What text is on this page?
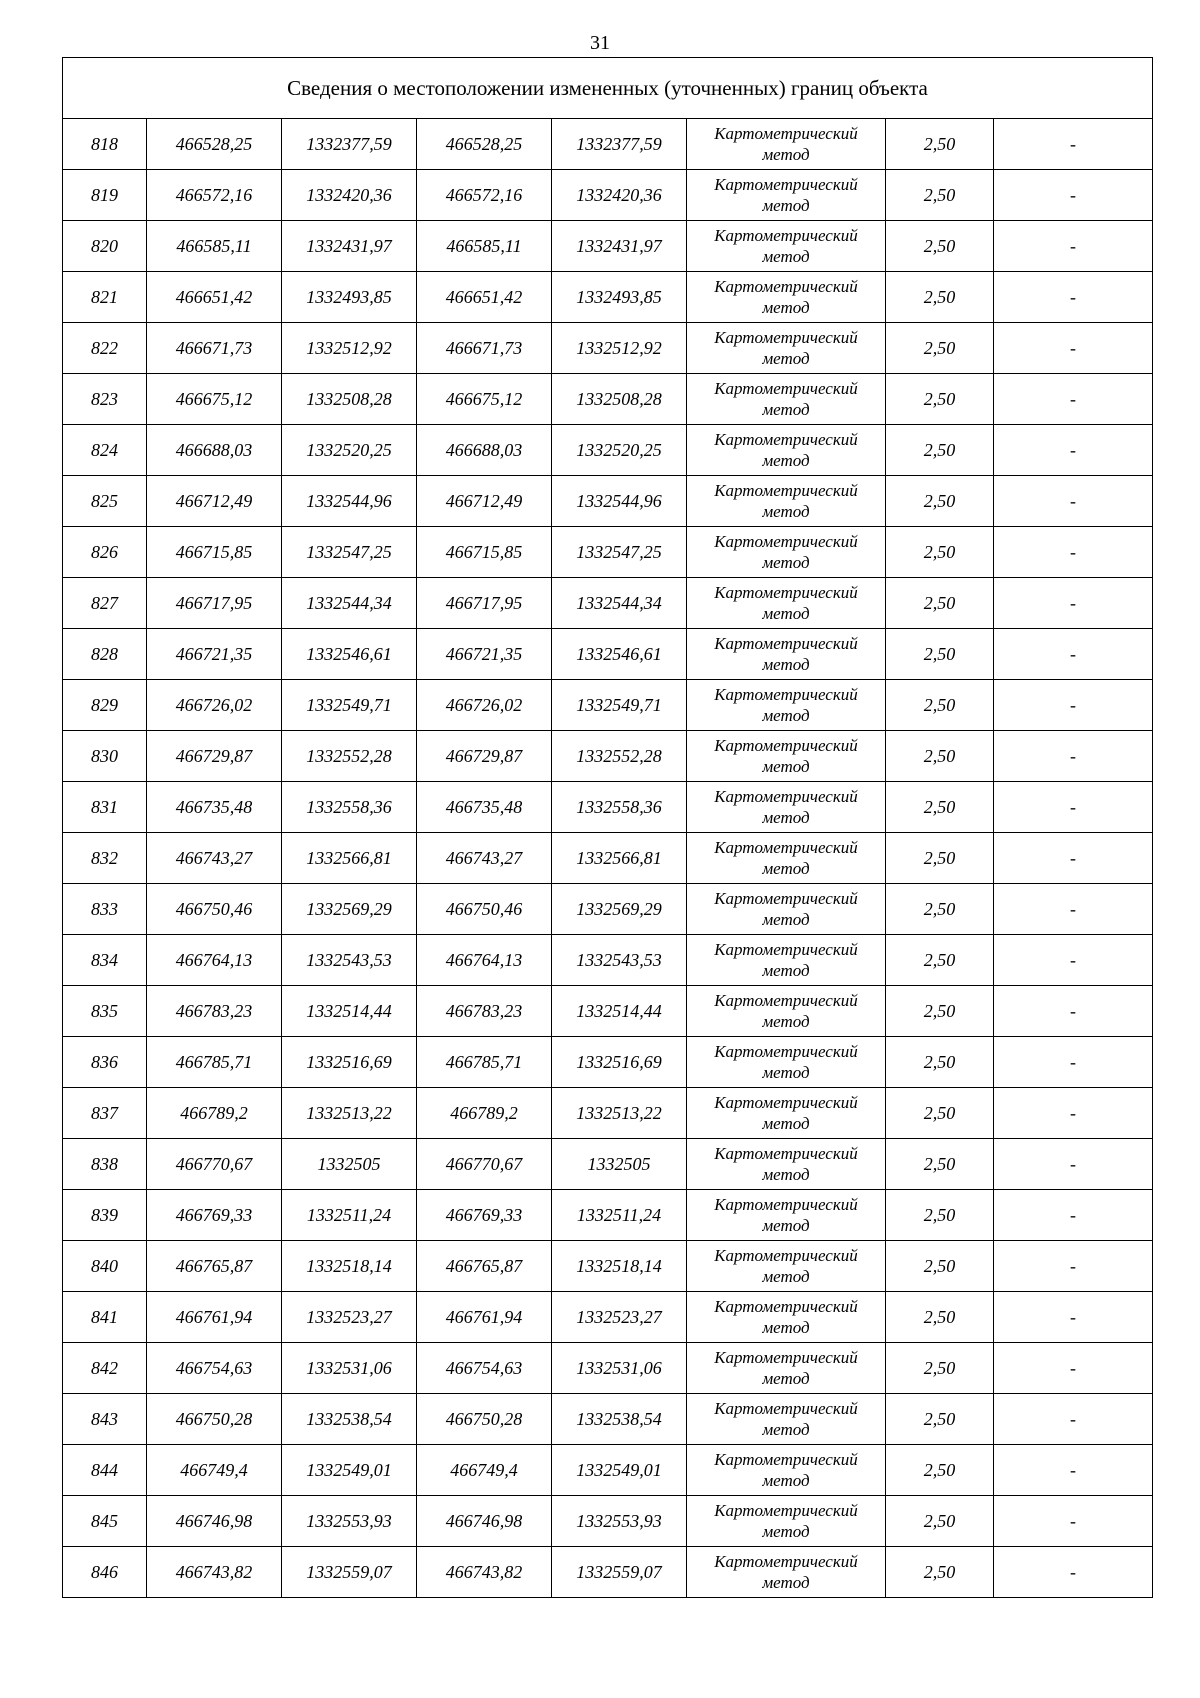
31
Сведения о местоположении измененных (уточненных) границ объекта							
818	466528,25	1332377,59	466528,25	1332377,59	Картометрический
метод	2,50	-
819	466572,16	1332420,36	466572,16	1332420,36	Картометрический
метод	2,50	-
820	466585,11	1332431,97	466585,11	1332431,97	Картометрический
метод	2,50	-
821	466651,42	1332493,85	466651,42	1332493,85	Картометрический
метод	2,50	-
822	466671,73	1332512,92	466671,73	1332512,92	Картометрический
метод	2,50	-
823	466675,12	1332508,28	466675,12	1332508,28	Картометрический
метод	2,50	-
824	466688,03	1332520,25	466688,03	1332520,25	Картометрический
метод	2,50	-
825	466712,49	1332544,96	466712,49	1332544,96	Картометрический
метод	2,50	-
826	466715,85	1332547,25	466715,85	1332547,25	Картометрический
метод	2,50	-
827	466717,95	1332544,34	466717,95	1332544,34	Картометрический
метод	2,50	-
828	466721,35	1332546,61	466721,35	1332546,61	Картометрический
метод	2,50	-
829	466726,02	1332549,71	466726,02	1332549,71	Картометрический
метод	2,50	-
830	466729,87	1332552,28	466729,87	1332552,28	Картометрический
метод	2,50	-
831	466735,48	1332558,36	466735,48	1332558,36	Картометрический
метод	2,50	-
832	466743,27	1332566,81	466743,27	1332566,81	Картометрический
метод	2,50	-
833	466750,46	1332569,29	466750,46	1332569,29	Картометрический
метод	2,50	-
834	466764,13	1332543,53	466764,13	1332543,53	Картометрический
метод	2,50	-
835	466783,23	1332514,44	466783,23	1332514,44	Картометрический
метод	2,50	-
836	466785,71	1332516,69	466785,71	1332516,69	Картометрический
метод	2,50	-
837	466789,2	1332513,22	466789,2	1332513,22	Картометрический
метод	2,50	-
838	466770,67	1332505	466770,67	1332505	Картометрический
метод	2,50	-
839	466769,33	1332511,24	466769,33	1332511,24	Картометрический
метод	2,50	-
840	466765,87	1332518,14	466765,87	1332518,14	Картометрический
метод	2,50	-
841	466761,94	1332523,27	466761,94	1332523,27	Картометрический
метод	2,50	-
842	466754,63	1332531,06	466754,63	1332531,06	Картометрический
метод	2,50	-
843	466750,28	1332538,54	466750,28	1332538,54	Картометрический
метод	2,50	-
844	466749,4	1332549,01	466749,4	1332549,01	Картометрический
метод	2,50	-
845	466746,98	1332553,93	466746,98	1332553,93	Картометрический
метод	2,50	-
846	466743,82	1332559,07	466743,82	1332559,07	Картометрический
метод	2,50	-
